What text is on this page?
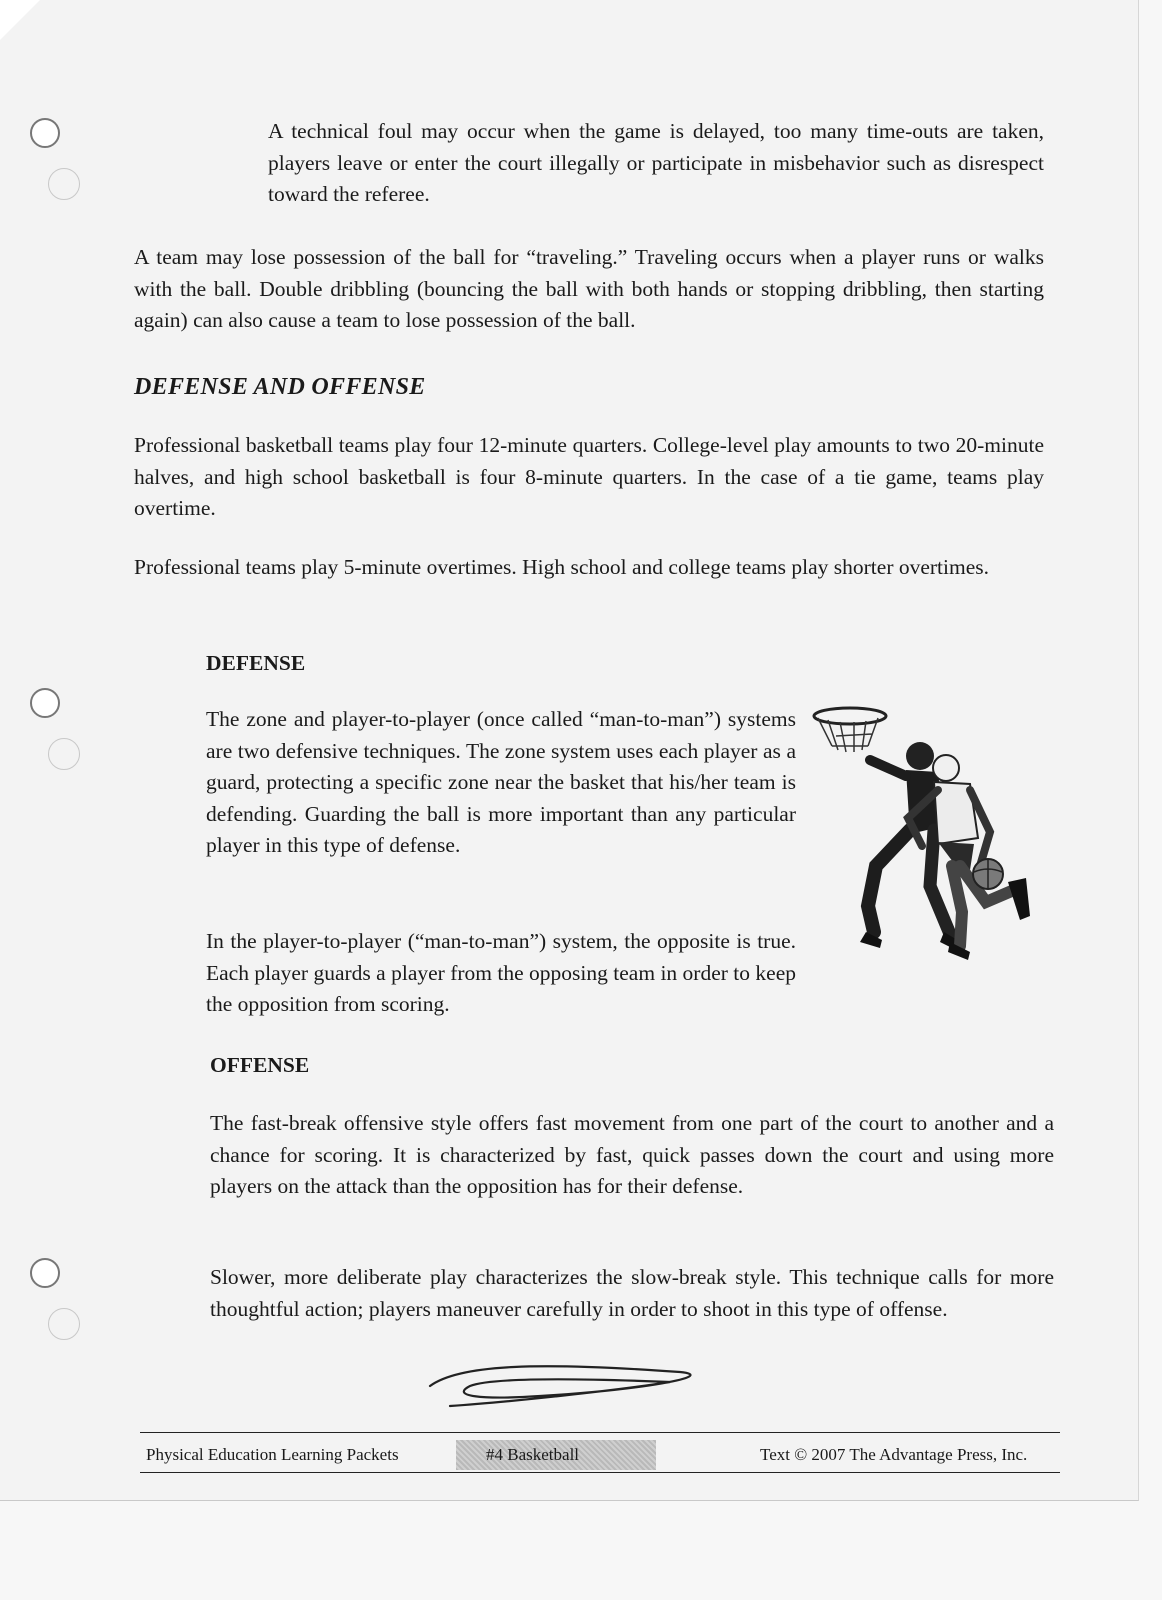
A technical foul may occur when the game is delayed, too many time-outs are taken, players leave or enter the court illegally or participate in misbehavior such as disrespect toward the referee.

A team may lose possession of the ball for “traveling.” Traveling occurs when a player runs or walks with the ball. Double dribbling (bouncing the ball with both hands or stopping dribbling, then starting again) can also cause a team to lose possession of the ball.

DEFENSE AND OFFENSE

Professional basketball teams play four 12-minute quarters. College-level play amounts to two 20-minute halves, and high school basketball is four 8-minute quarters. In the case of a tie game, teams play overtime.

Professional teams play 5-minute overtimes. High school and college teams play shorter overtimes.

DEFENSE

The zone and player-to-player (once called “man-to-man”) systems are two defensive techniques. The zone system uses each player as a guard, protecting a specific zone near the basket that his/her team is defending. Guarding the ball is more important than any particular player in this type of defense.

In the player-to-player (“man-to-man”) system, the opposite is true. Each player guards a player from the opposing team in order to keep the opposition from scoring.

OFFENSE

The fast-break offensive style offers fast movement from one part of the court to another and a chance for scoring. It is characterized by fast, quick passes down the court and using more players on the attack than the opposition has for their defense.

Slower, more deliberate play characterizes the slow-break style. This technique calls for more thoughtful action; players maneuver carefully in order to shoot in this type of offense.

Physical Education Learning Packets	#4 Basketball	Text © 2007 The Advantage Press, Inc.
